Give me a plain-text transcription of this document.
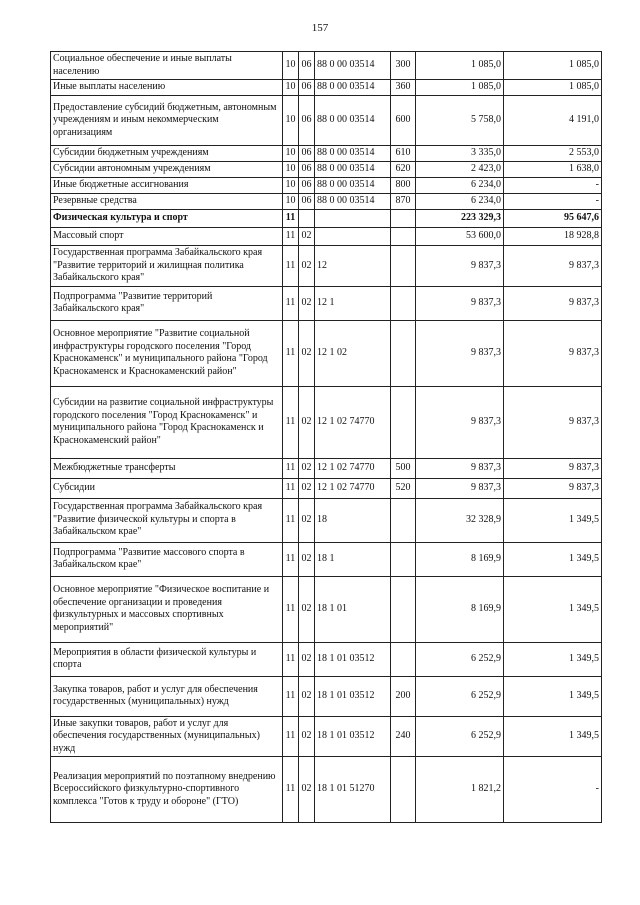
157
Социальное обеспечение и иные выплаты населению	10	06	88 0 00 03514	300	1 085,0	1 085,0
Иные выплаты населению	10	06	88 0 00 03514	360	1 085,0	1 085,0
Предоставление субсидий бюджетным, автономным учреждениям и иным некоммерческим организациям	10	06	88 0 00 03514	600	5 758,0	4 191,0
Субсидии бюджетным учреждениям	10	06	88 0 00 03514	610	3 335,0	2 553,0
Субсидии автономным учреждениям	10	06	88 0 00 03514	620	2 423,0	1 638,0
Иные бюджетные ассигнования	10	06	88 0 00 03514	800	6 234,0	-
Резервные средства	10	06	88 0 00 03514	870	6 234,0	-
Физическая культура и спорт	11				223 329,3	95 647,6
Массовый спорт	11	02			53 600,0	18 928,8
Государственная программа Забайкальского края "Развитие территорий и жилищная политика Забайкальского края"	11	02	12		9 837,3	9 837,3
Подпрограмма "Развитие территорий Забайкальского края"	11	02	12 1		9 837,3	9 837,3
Основное мероприятие "Развитие социальной инфраструктуры городского поселения "Город Краснокаменск" и муниципального района "Город Краснокаменск и Краснокаменский район"	11	02	12 1 02		9 837,3	9 837,3
Субсидии на развитие социальной инфраструктуры городского поселения "Город Краснокаменск" и муниципального района "Город Краснокаменск и Краснокаменский район"	11	02	12 1 02 74770		9 837,3	9 837,3
Межбюджетные трансферты	11	02	12 1 02 74770	500	9 837,3	9 837,3
Субсидии	11	02	12 1 02 74770	520	9 837,3	9 837,3
Государственная программа Забайкальского края "Развитие физической культуры и спорта в Забайкальском крае"	11	02	18		32 328,9	1 349,5
Подпрограмма "Развитие массового спорта в Забайкальском крае"	11	02	18 1		8 169,9	1 349,5
Основное мероприятие "Физическое воспитание и обеспечение организации и проведения физкультурных и массовых спортивных мероприятий"	11	02	18 1 01		8 169,9	1 349,5
Мероприятия в области физической культуры и спорта	11	02	18 1 01 03512		6 252,9	1 349,5
Закупка товаров, работ и услуг для обеспечения государственных (муниципальных) нужд	11	02	18 1 01 03512	200	6 252,9	1 349,5
Иные закупки товаров, работ и услуг для обеспечения государственных (муниципальных) нужд	11	02	18 1 01 03512	240	6 252,9	1 349,5
Реализация мероприятий по поэтапному внедрению Всероссийского физкультурно-спортивного комплекса "Готов к труду и обороне" (ГТО)	11	02	18 1 01 51270		1 821,2	-
